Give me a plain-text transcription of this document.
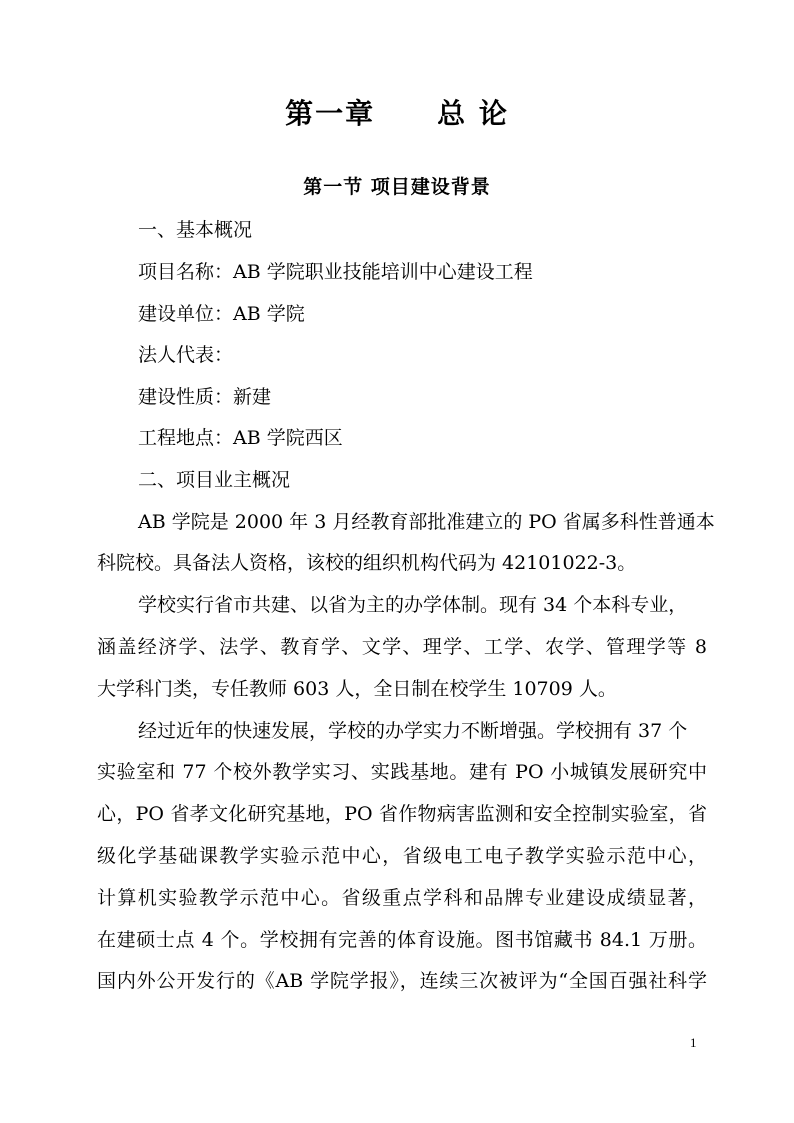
第一章 总 论
第一节 项目建设背景
一、基本概况
项目名称：AB 学院职业技能培训中心建设工程
建设单位：AB 学院
法人代表：
建设性质：新建
工程地点：AB 学院西区
二、项目业主概况
AB 学院是 2000 年 3 月经教育部批准建立的 PO 省属多科性普通本
科院校。具备法人资格，该校的组织机构代码为 42101022-3。
学校实行省市共建、以省为主的办学体制。现有 34 个本科专业，
涵盖经济学、法学、教育学、文学、理学、工学、农学、管理学等 8
大学科门类，专任教师 603 人，全日制在校学生 10709 人。
经过近年的快速发展，学校的办学实力不断增强。学校拥有 37 个
实验室和 77 个校外教学实习、实践基地。建有 PO 小城镇发展研究中
心，PO 省孝文化研究基地，PO 省作物病害监测和安全控制实验室，省
级化学基础课教学实验示范中心，省级电工电子教学实验示范中心，
计算机实验教学示范中心。省级重点学科和品牌专业建设成绩显著，
在建硕士点 4 个。学校拥有完善的体育设施。图书馆藏书 84.1 万册。
国内外公开发行的《AB 学院学报》，连续三次被评为“全国百强社科学
1
